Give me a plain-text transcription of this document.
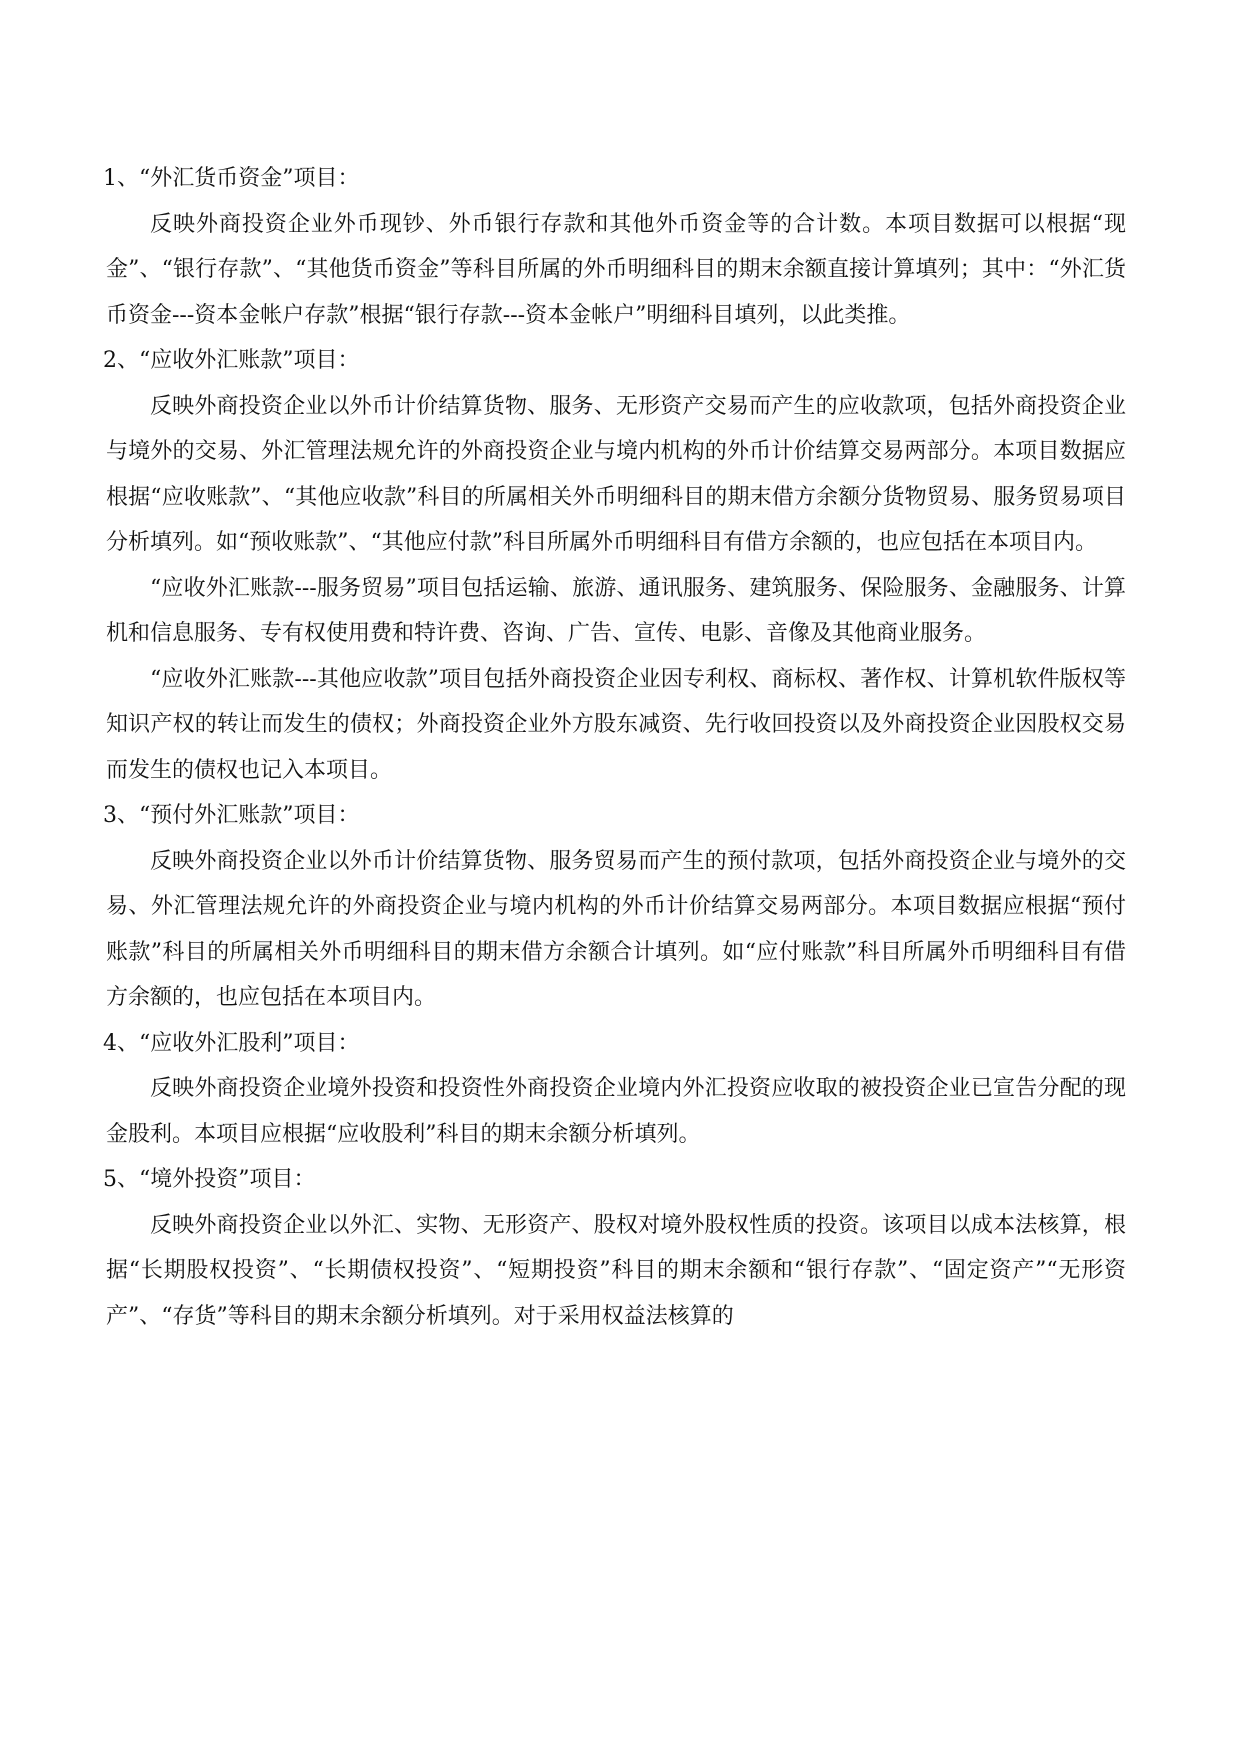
1、“外汇货币资金”项目：

反映外商投资企业外币现钞、外币银行存款和其他外币资金等的合计数。本项目数据可以根据“现金”、“银行存款”、“其他货币资金”等科目所属的外币明细科目的期末余额直接计算填列；其中：“外汇货币资金---资本金帐户存款”根据“银行存款---资本金帐户”明细科目填列，以此类推。

2、“应收外汇账款”项目：

反映外商投资企业以外币计价结算货物、服务、无形资产交易而产生的应收款项，包括外商投资企业与境外的交易、外汇管理法规允许的外商投资企业与境内机构的外币计价结算交易两部分。本项目数据应根据“应收账款”、“其他应收款”科目的所属相关外币明细科目的期末借方余额分货物贸易、服务贸易项目分析填列。如“预收账款”、“其他应付款”科目所属外币明细科目有借方余额的，也应包括在本项目内。

“应收外汇账款---服务贸易”项目包括运输、旅游、通讯服务、建筑服务、保险服务、金融服务、计算机和信息服务、专有权使用费和特许费、咨询、广告、宣传、电影、音像及其他商业服务。

“应收外汇账款---其他应收款”项目包括外商投资企业因专利权、商标权、著作权、计算机软件版权等知识产权的转让而发生的债权；外商投资企业外方股东减资、先行收回投资以及外商投资企业因股权交易而发生的债权也记入本项目。

3、“预付外汇账款”项目：

反映外商投资企业以外币计价结算货物、服务贸易而产生的预付款项，包括外商投资企业与境外的交易、外汇管理法规允许的外商投资企业与境内机构的外币计价结算交易两部分。本项目数据应根据“预付账款”科目的所属相关外币明细科目的期末借方余额合计填列。如“应付账款”科目所属外币明细科目有借方余额的，也应包括在本项目内。

4、“应收外汇股利”项目：

反映外商投资企业境外投资和投资性外商投资企业境内外汇投资应收取的被投资企业已宣告分配的现金股利。本项目应根据“应收股利”科目的期末余额分析填列。

5、“境外投资”项目：

反映外商投资企业以外汇、实物、无形资产、股权对境外股权性质的投资。该项目以成本法核算，根据“长期股权投资”、“长期债权投资”、“短期投资”科目的期末余额和“银行存款”、“固定资产”“无形资产”、“存货”等科目的期末余额分析填列。对于采用权益法核算的
